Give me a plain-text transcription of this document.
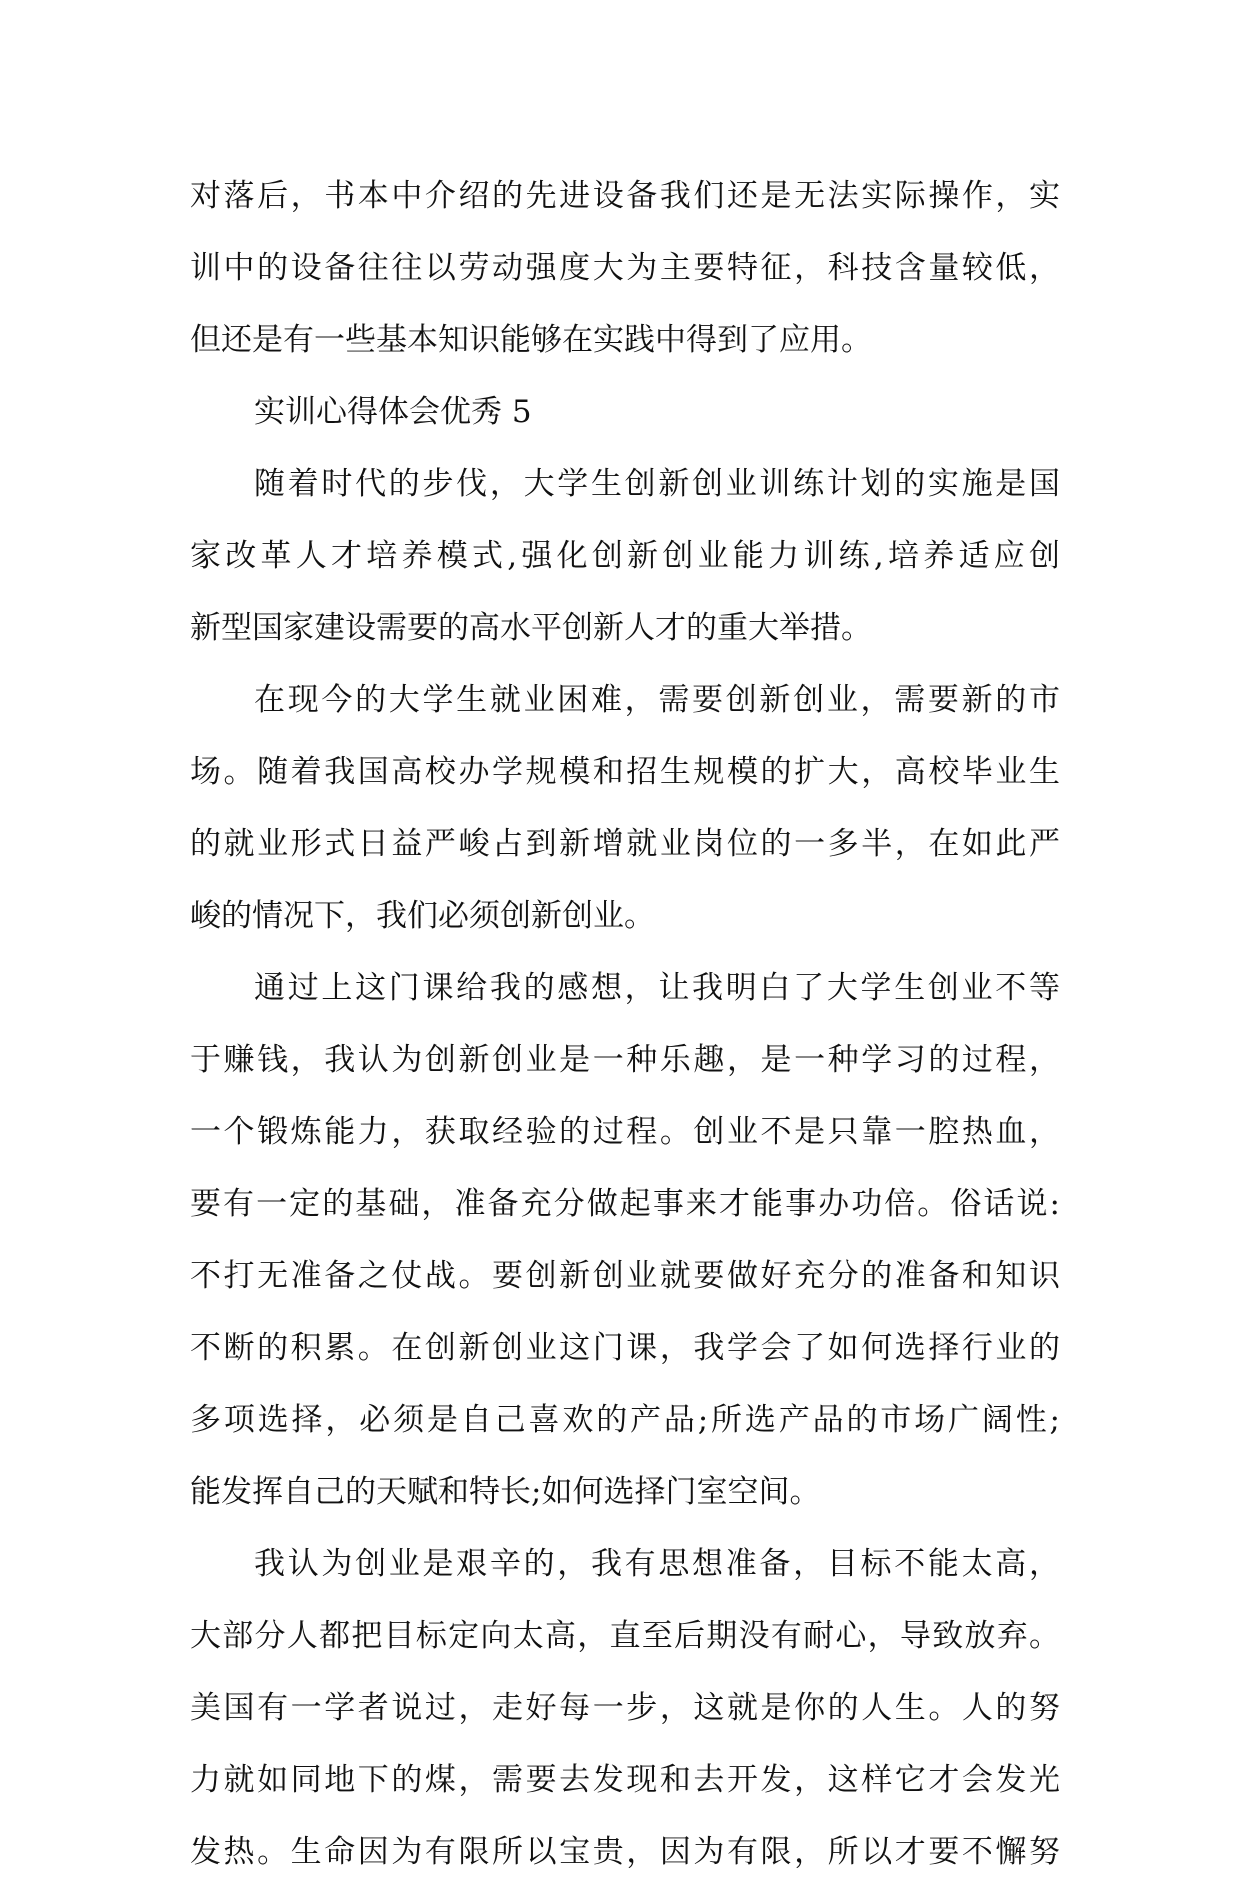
对落后，书本中介绍的先进设备我们还是无法实际操作，实
训中的设备往往以劳动强度大为主要特征，科技含量较低，
但还是有一些基本知识能够在实践中得到了应用。
实训心得体会优秀 5
随着时代的步伐，大学生创新创业训练计划的实施是国
家改革人才培养模式,强化创新创业能力训练,培养适应创
新型国家建设需要的高水平创新人才的重大举措。
在现今的大学生就业困难，需要创新创业，需要新的市
场。随着我国高校办学规模和招生规模的扩大，高校毕业生
的就业形式日益严峻占到新增就业岗位的一多半，在如此严
峻的情况下，我们必须创新创业。
通过上这门课给我的感想，让我明白了大学生创业不等
于赚钱，我认为创新创业是一种乐趣，是一种学习的过程，
一个锻炼能力，获取经验的过程。创业不是只靠一腔热血，
要有一定的基础，准备充分做起事来才能事办功倍。俗话说:
不打无准备之仗战。要创新创业就要做好充分的准备和知识
不断的积累。在创新创业这门课，我学会了如何选择行业的
多项选择，必须是自己喜欢的产品;所选产品的市场广阔性;
能发挥自己的天赋和特长;如何选择门室空间。
我认为创业是艰辛的，我有思想准备，目标不能太高，
大部分人都把目标定向太高，直至后期没有耐心，导致放弃。
美国有一学者说过，走好每一步，这就是你的人生。人的努
力就如同地下的煤，需要去发现和去开发，这样它才会发光
发热。生命因为有限所以宝贵，因为有限，所以才要不懈努
